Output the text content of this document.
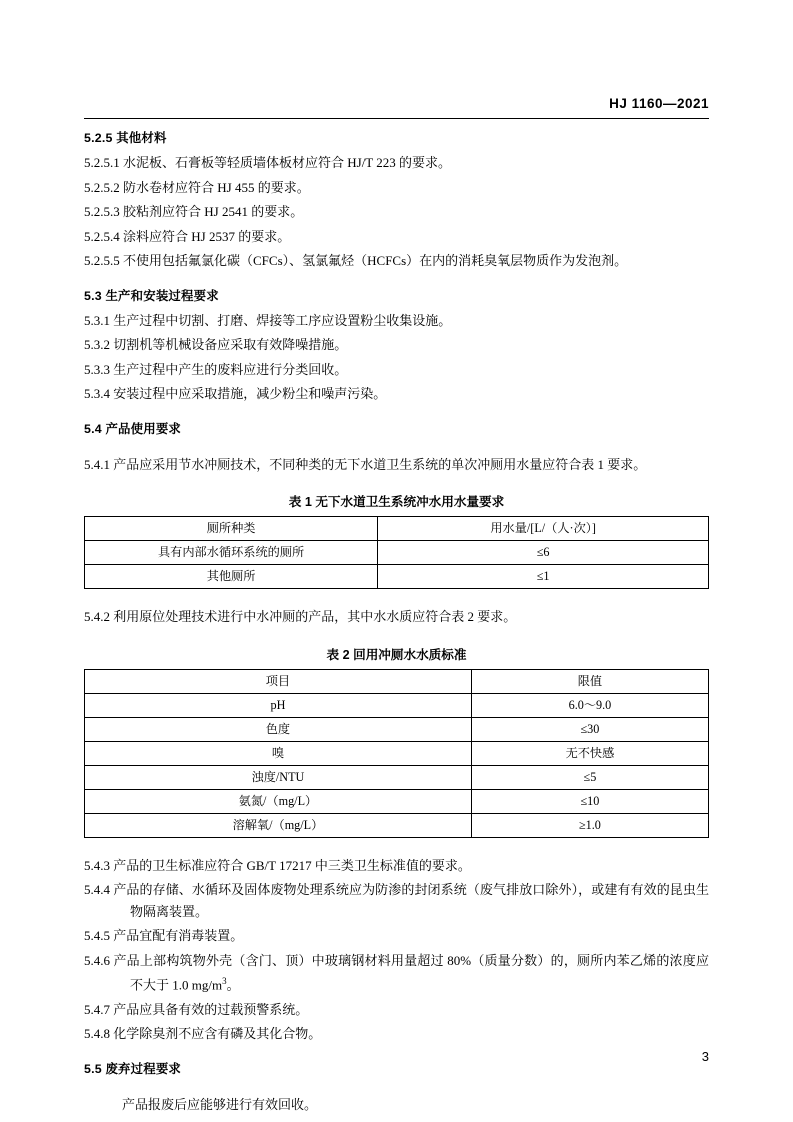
HJ 1160—2021
5.2.5 其他材料
5.2.5.1 水泥板、石膏板等轻质墙体板材应符合 HJ/T 223 的要求。
5.2.5.2 防水卷材应符合 HJ 455 的要求。
5.2.5.3 胶粘剂应符合 HJ 2541 的要求。
5.2.5.4 涂料应符合 HJ 2537 的要求。
5.2.5.5 不使用包括氟氯化碳（CFCs）、氢氯氟烃（HCFCs）在内的消耗臭氧层物质作为发泡剂。
5.3 生产和安装过程要求
5.3.1 生产过程中切割、打磨、焊接等工序应设置粉尘收集设施。
5.3.2 切割机等机械设备应采取有效降噪措施。
5.3.3 生产过程中产生的废料应进行分类回收。
5.3.4 安装过程中应采取措施，减少粉尘和噪声污染。
5.4 产品使用要求
5.4.1 产品应采用节水冲厕技术，不同种类的无下水道卫生系统的单次冲厕用水量应符合表 1 要求。
表 1 无下水道卫生系统冲水用水量要求
厕所种类	用水量/[L/（人·次）]
具有内部水循环系统的厕所	≤6
其他厕所	≤1
5.4.2 利用原位处理技术进行中水冲厕的产品，其中水水质应符合表 2 要求。
表 2 回用冲厕水水质标准
项目	限值
pH	6.0～9.0
色度	≤30
嗅	无不快感
浊度/NTU	≤5
氨氮/（mg/L）	≤10
溶解氧/（mg/L）	≥1.0
5.4.3 产品的卫生标准应符合 GB/T 17217 中三类卫生标准值的要求。
5.4.4 产品的存储、水循环及固体废物处理系统应为防渗的封闭系统（废气排放口除外），或建有有效的昆虫生物隔离装置。
5.4.5 产品宜配有消毒装置。
5.4.6 产品上部构筑物外壳（含门、顶）中玻璃钢材料用量超过 80%（质量分数）的，厕所内苯乙烯的浓度应不大于 1.0 $mg/m^3$。
5.4.7 产品应具备有效的过载预警系统。
5.4.8 化学除臭剂不应含有磷及其化合物。
5.5 废弃过程要求
产品报废后应能够进行有效回收。
3
